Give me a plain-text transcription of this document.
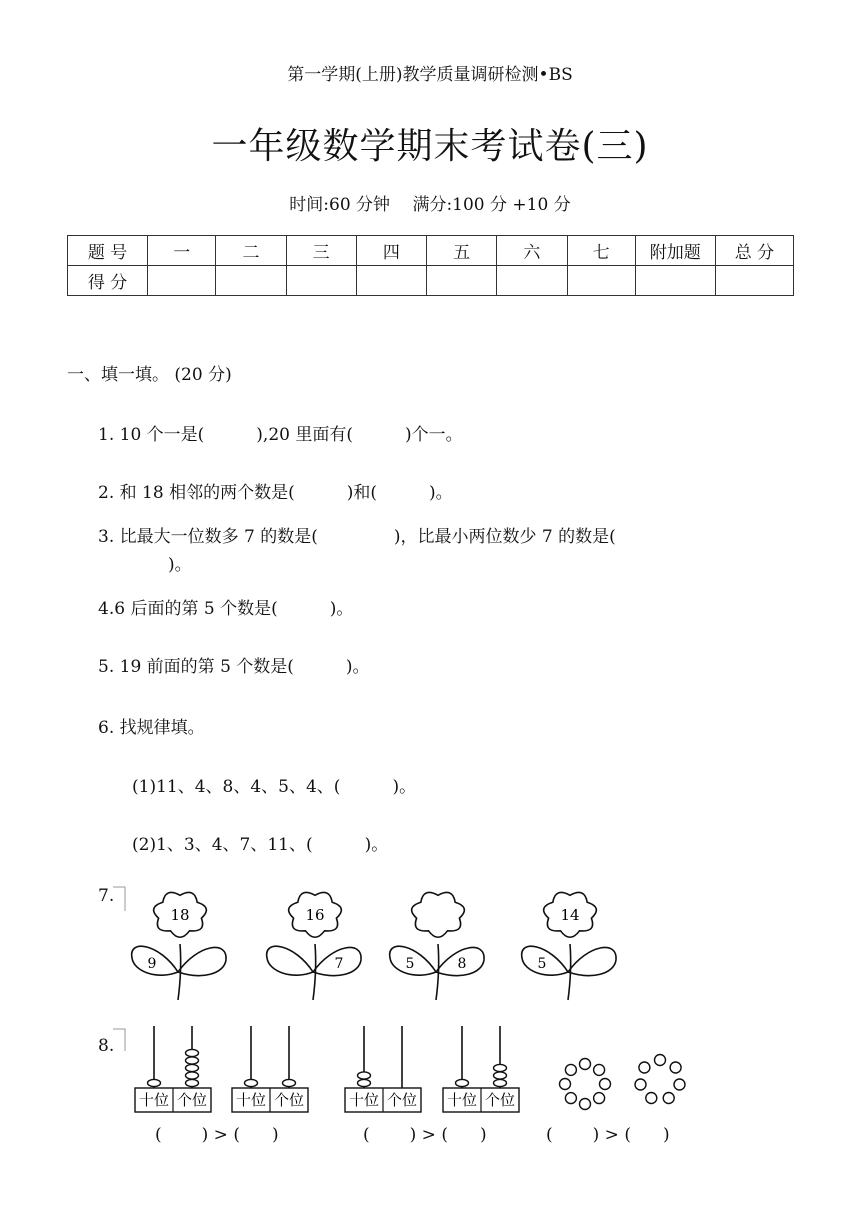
第一学期(上册)教学质量调研检测•BS
一年级数学期末考试卷(三)
时间:60 分钟　 满分:100 分 +10 分
题 号	一	二	三	四	五	六	七	附加题	总 分
得 分									
一、填一填。 (20 分)
1. 10 个一是(	),20 里面有(	)个一。
2. 和 18 相邻的两个数是(	)和(	)。
3. 比最大一位数多 7 的数是(	)，比最小两位数少 7 的数是(
)。
4.6 后面的第 5 个数是(	)。
5. 19 前面的第 5 个数是(	)。
6. 找规律填。
(1)11、4、8、4、5、4、(	)。
(2)1、3、4、7、11、(	)。
7.
18
9
16
7	5	8
14
5
8.
十位 个位 十位 个位	十位 个位 十位 个位
( ) > ( )	( ) > ( )	( ) > ( )
